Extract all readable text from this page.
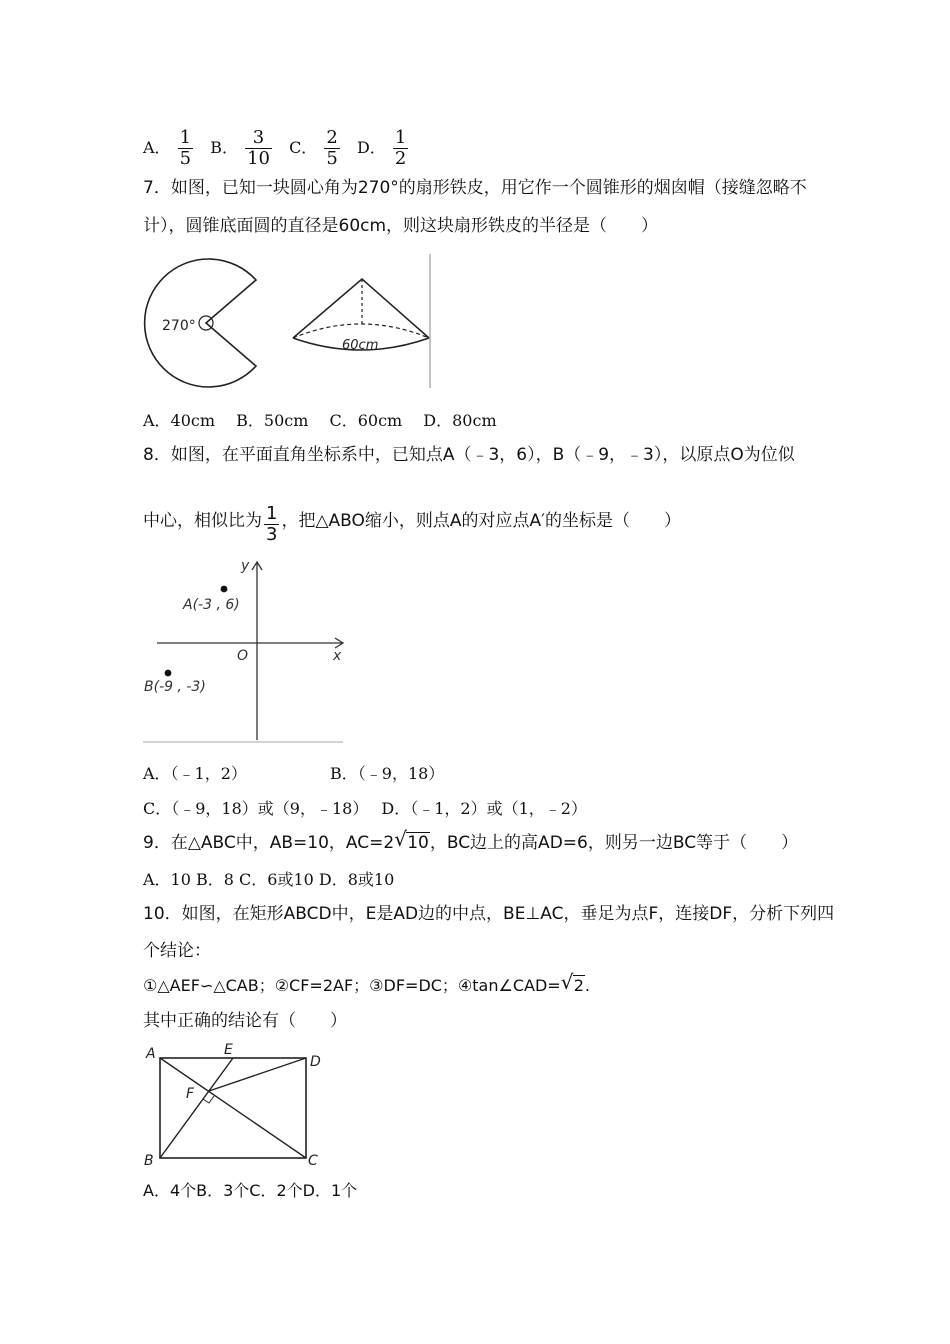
A． $\frac{1}{5}$ B． $\frac{3}{10}$ C． $\frac{2}{5}$ D． $\frac{1}{2}$
7．如图，已知一块圆心角为270°的扇形铁皮，用它作一个圆锥形的烟囱帽（接缝忽略不
计），圆锥底面圆的直径是60cm，则这块扇形铁皮的半径是（　　）
270°
60cm
A．40cm　 B．50cm　 C．60cm　 D．80cm
8．如图，在平面直角坐标系中，已知点A（﹣3，6），B（﹣9，﹣3），以原点O为位似
中心，相似比为 $\frac{1}{3}$ ，把△ABO缩小，则点A的对应点A′的坐标是（　　）
y
x
O
A(-3 , 6)
B(-9 , -3)
A．（﹣1，2）	B．（﹣9，18）
C．（﹣9，18）或（9，﹣18）　 D．（﹣1，2）或（1，﹣2）
9．在△ABC中，AB=10，AC=2 √ 10，BC边上的高AD=6，则另一边BC等于（　　）
A．10 B．8 C．6或10 D．8或10
10．如图，在矩形ABCD中，E是AD边的中点，BE⊥AC，垂足为点F，连接DF，分析下列四
个结论：
①△AEF∽△CAB；②CF=2AF；③DF=DC；④tan∠CAD= √ 2.
其中正确的结论有（　　）
A	E
D
F
B	C
A．4个B．3个C．2个D．1个
